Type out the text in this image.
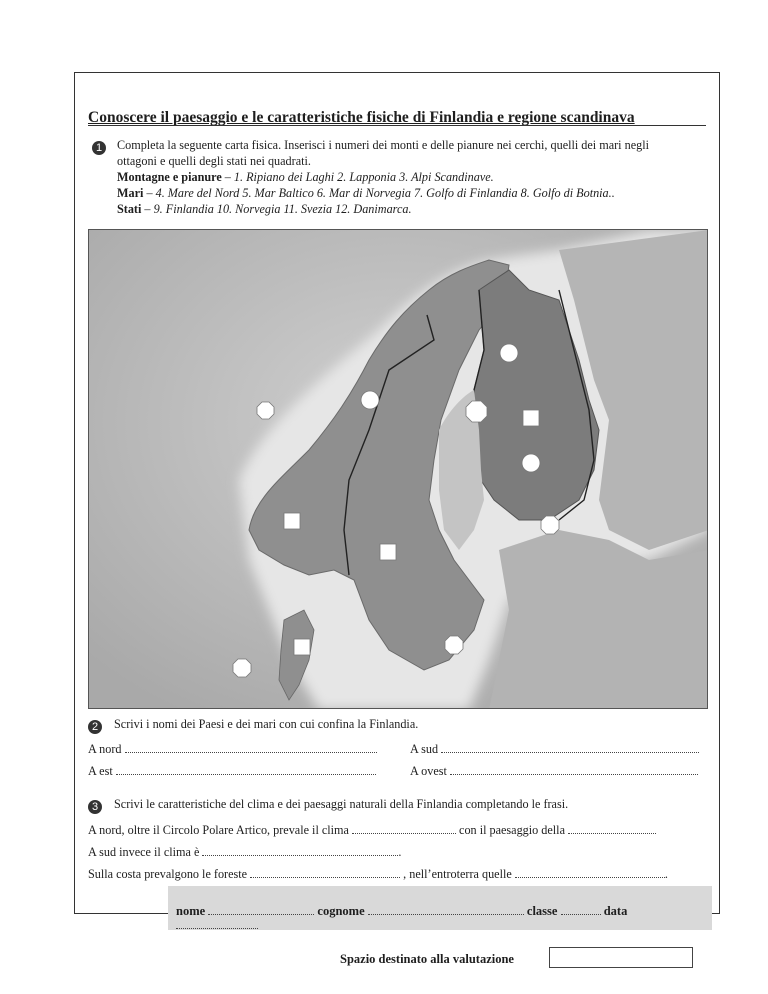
Conoscere il paesaggio e le caratteristiche fisiche di Finlandia e regione scandinava
1	Completa la seguente carta fisica. Inserisci i numeri dei monti e delle pianure nei cerchi, quelli dei mari negli
ottagoni e quelli degli stati nei quadrati.
Montagne e pianure – 1. Ripiano dei Laghi 2. Lapponia 3. Alpi Scandinave.
Mari – 4. Mare del Nord 5. Mar Baltico 6. Mar di Norvegia 7. Golfo di Finlandia 8. Golfo di Botnia..
Stati – 9. Finlandia 10. Norvegia 11. Svezia 12. Danimarca.
2	Scrivi i nomi dei Paesi e dei mari con cui confina la Finlandia.
A nord	A sud
A est	A ovest
3	Scrivi le caratteristiche del clima e dei paesaggi naturali della Finlandia completando le frasi.
A nord, oltre il Circolo Polare Artico, prevale il clima	con il paesaggio della
A sud invece il clima è	.
Sulla costa prevalgono le foreste	, nell’entroterra quelle	.
nome	cognome	classe	data
Spazio destinato alla valutazione
